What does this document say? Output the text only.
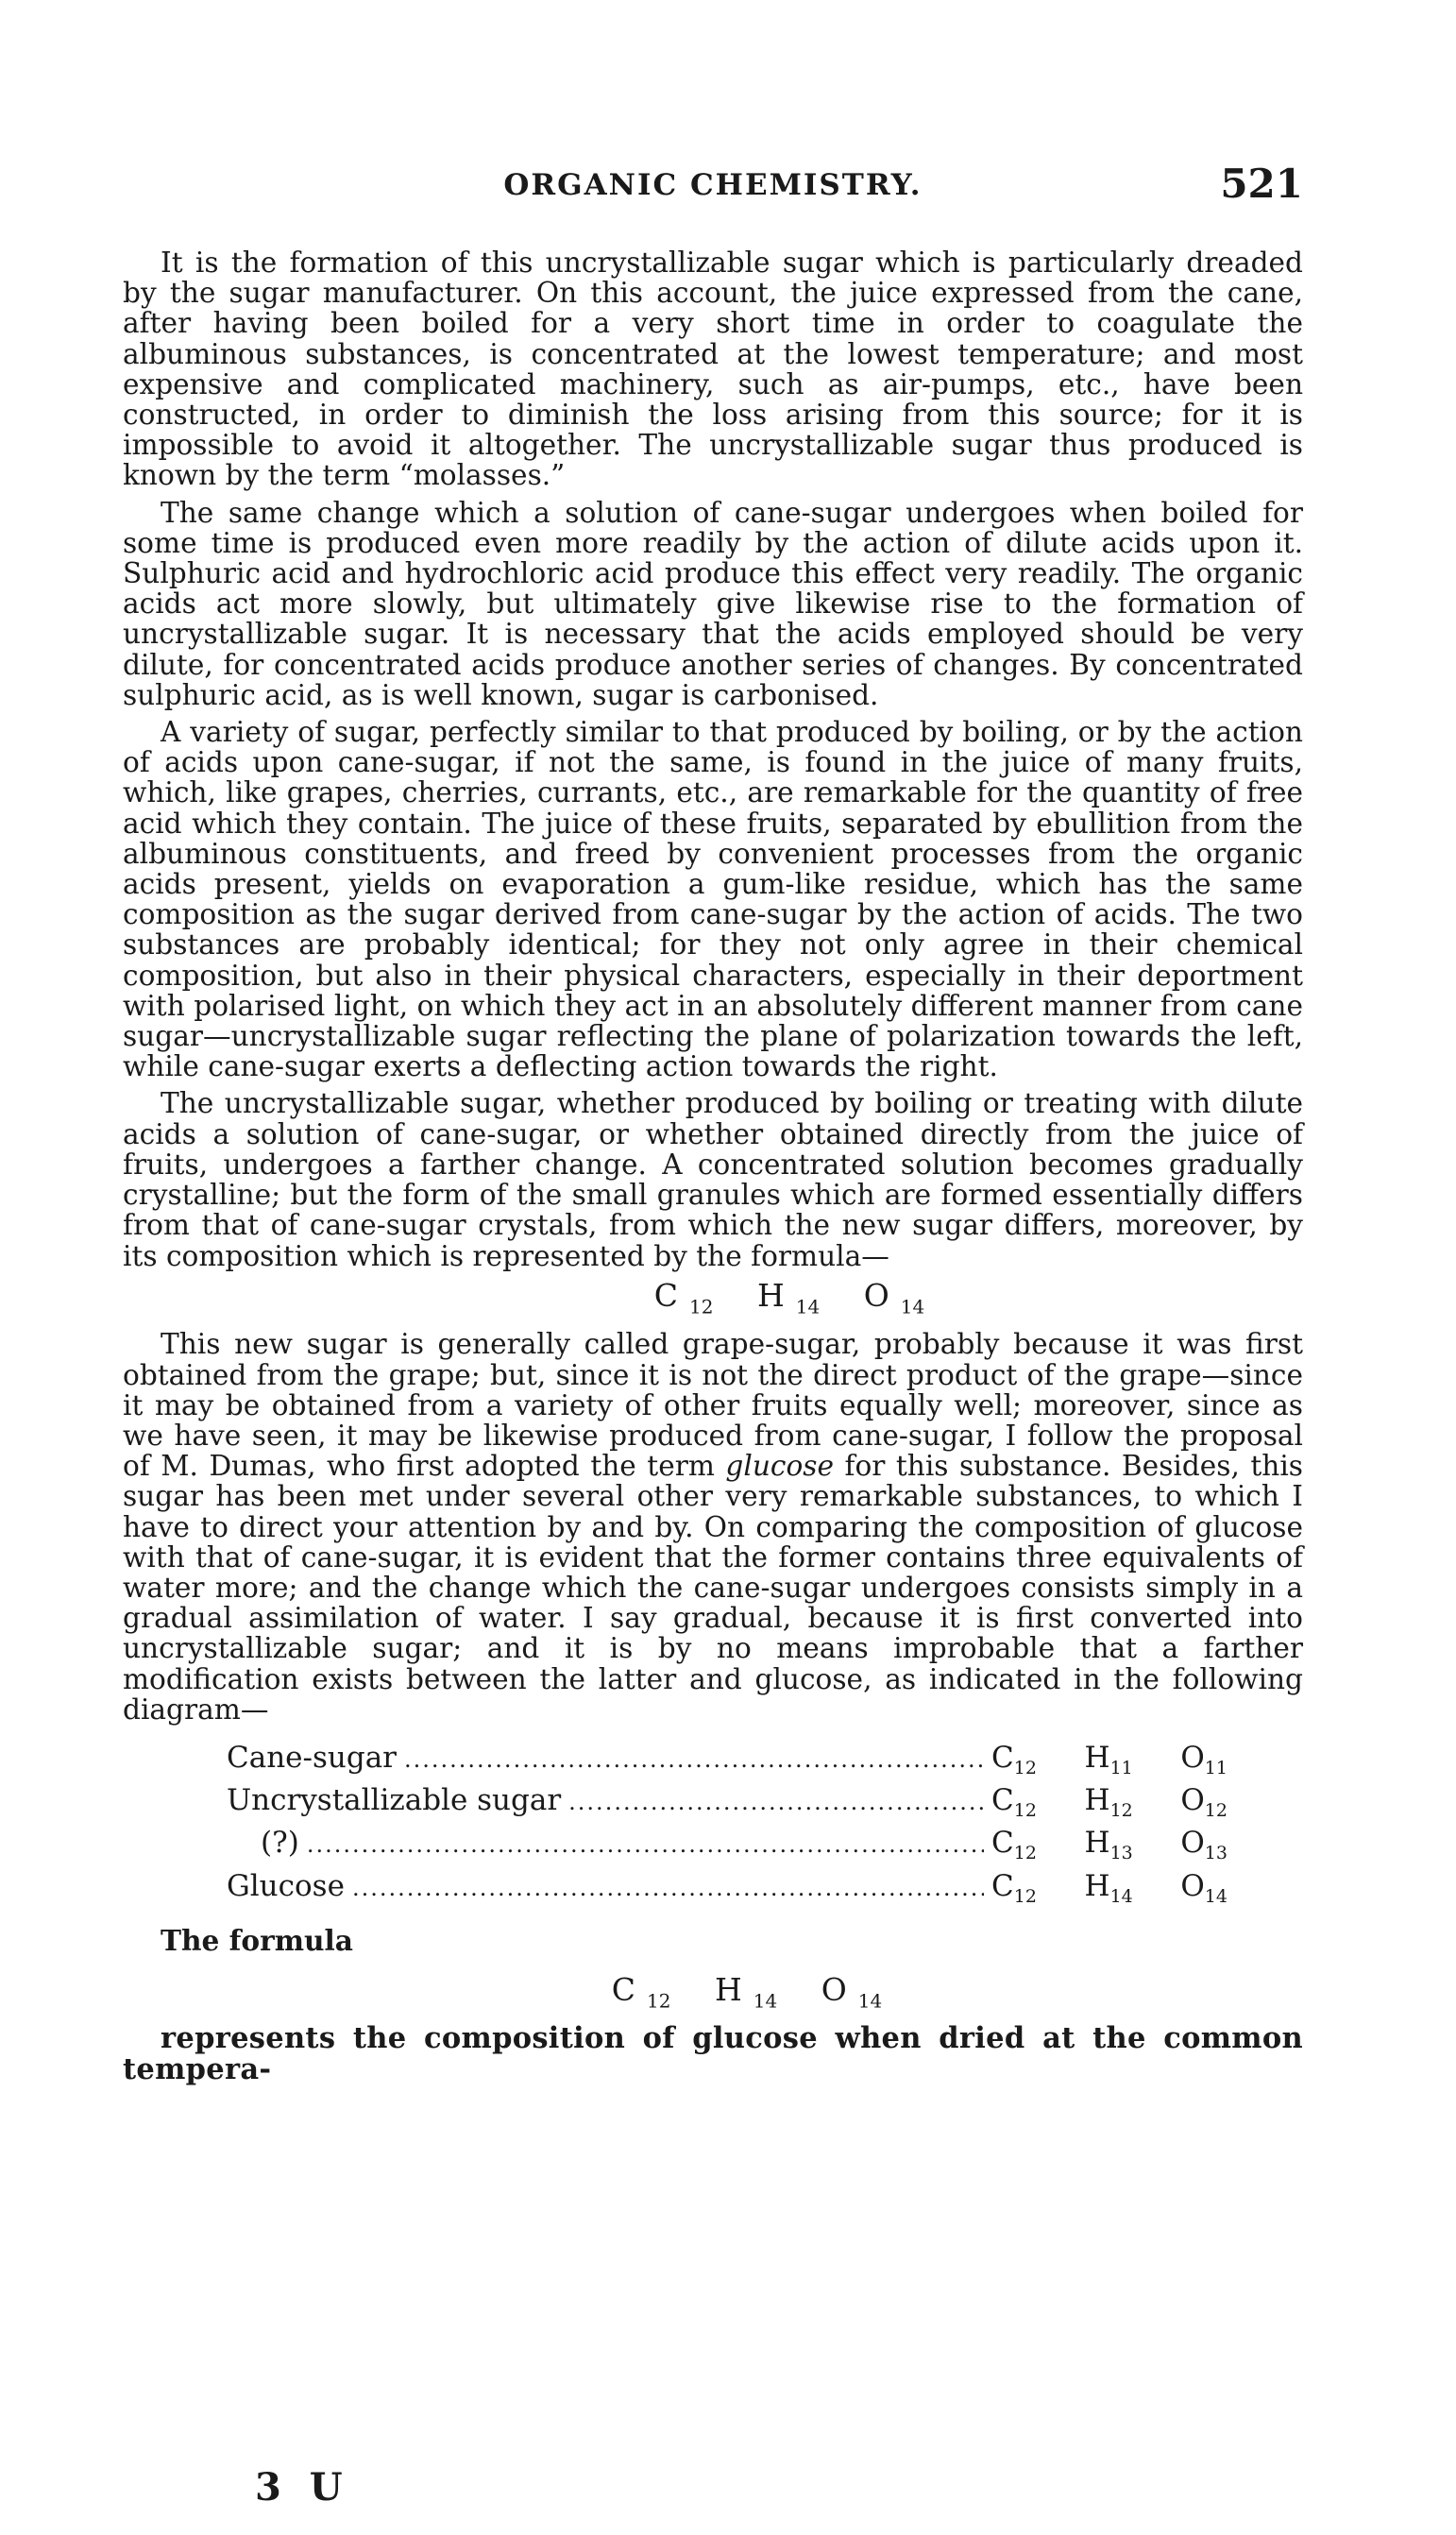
ORGANIC CHEMISTRY.	521

It is the formation of this uncrystallizable sugar which is particularly dreaded by the sugar manufacturer. On this account, the juice expressed from the cane, after having been boiled for a very short time in order to coagulate the albuminous substances, is concentrated at the lowest temperature; and most expensive and complicated machinery, such as air-pumps, etc., have been constructed, in order to diminish the loss arising from this source; for it is impossible to avoid it altogether. The uncrystallizable sugar thus produced is known by the term “molasses.”

The same change which a solution of cane-sugar undergoes when boiled for some time is produced even more readily by the action of dilute acids upon it. Sulphuric acid and hydrochloric acid produce this effect very readily. The organic acids act more slowly, but ultimately give likewise rise to the formation of uncrystallizable sugar. It is necessary that the acids employed should be very dilute, for concentrated acids produce another series of changes. By concentrated sulphuric acid, as is well known, sugar is carbonised.

A variety of sugar, perfectly similar to that produced by boiling, or by the action of acids upon cane-sugar, if not the same, is found in the juice of many fruits, which, like grapes, cherries, currants, etc., are remarkable for the quantity of free acid which they contain. The juice of these fruits, separated by ebullition from the albuminous constituents, and freed by convenient processes from the organic acids present, yields on evaporation a gum-like residue, which has the same composition as the sugar derived from cane-sugar by the action of acids. The two substances are probably identical; for they not only agree in their chemical composition, but also in their physical characters, especially in their deportment with polarised light, on which they act in an absolutely different manner from cane sugar—uncrystallizable sugar reflecting the plane of polarization towards the left, while cane-sugar exerts a deflecting action towards the right.

The uncrystallizable sugar, whether produced by boiling or treating with dilute acids a solution of cane-sugar, or whether obtained directly from the juice of fruits, undergoes a farther change. A concentrated solution becomes gradually crystalline; but the form of the small granules which are formed essentially differs from that of cane-sugar crystals, from which the new sugar differs, moreover, by its composition which is represented by the formula—

C $_{12}$ H $_{14}$ O $_{14}$

This new sugar is generally called grape-sugar, probably because it was first obtained from the grape; but, since it is not the direct product of the grape—since it may be obtained from a variety of other fruits equally well; moreover, since as we have seen, it may be likewise produced from cane-sugar, I follow the proposal of M. Dumas, who first adopted the term glucose for this substance. Besides, this sugar has been met under several other very remarkable substances, to which I have to direct your attention by and by. On comparing the composition of glucose with that of cane-sugar, it is evident that the former contains three equivalents of water more; and the change which the cane-sugar undergoes consists simply in a gradual assimilation of water. I say gradual, because it is first converted into uncrystallizable sugar; and it is by no means improbable that a farther modification exists between the latter and glucose, as indicated in the following diagram—

Cane-sugar .....	$C_{12}$ $H_{11}$ $O_{11}$
Uncrystallizable sugar .....	$C_{12}$ $H_{12}$ $O_{12}$
(?) .....	$C_{12}$ $H_{13}$ $O_{13}$
Glucose .....	$C_{12}$ $H_{14}$ $O_{14}$

The formula

C $_{12}$ H $_{14}$ O $_{14}$

represents the composition of glucose when dried at the common tempera-

3 U
